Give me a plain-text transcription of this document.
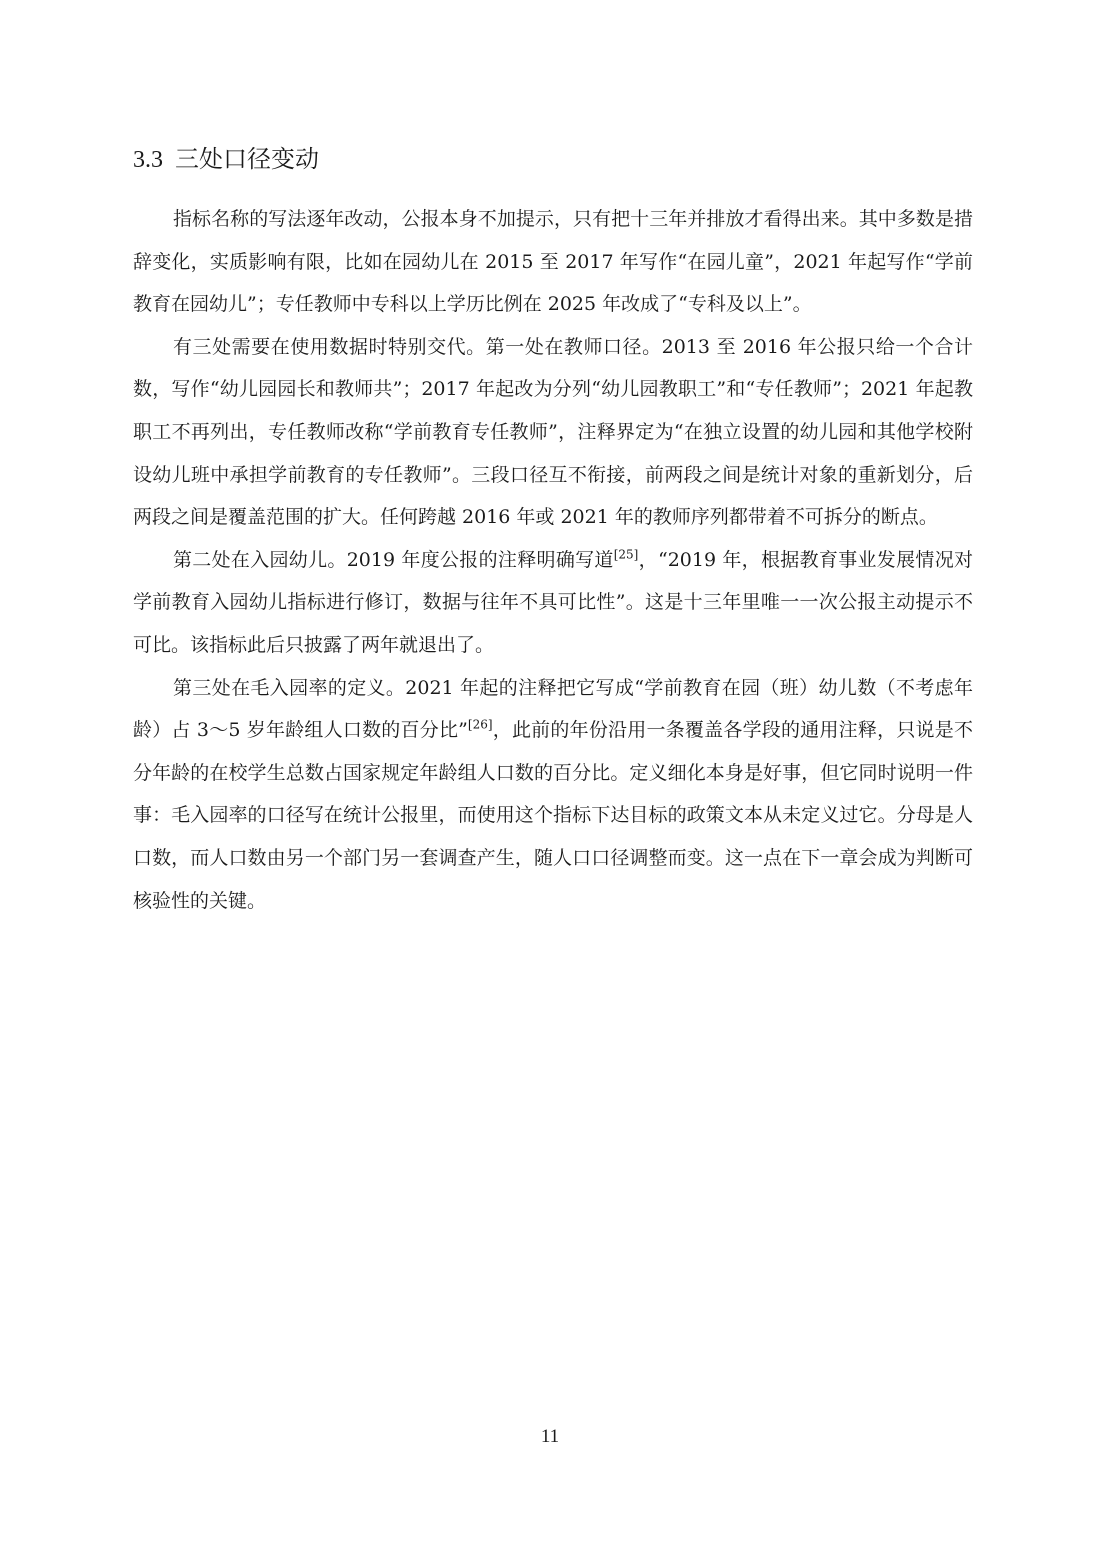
3.3 三处口径变动

指标名称的写法逐年改动，公报本身不加提示，只有把十三年并排放才看得出来。其中多数是措辞变化，实质影响有限，比如在园幼儿在 2015 至 2017 年写作“在园儿童”，2021 年起写作“学前教育在园幼儿”；专任教师中专科以上学历比例在 2025 年改成了“专科及以上”。

有三处需要在使用数据时特别交代。第一处在教师口径。2013 至 2016 年公报只给一个合计数，写作“幼儿园园长和教师共”；2017 年起改为分列“幼儿园教职工”和“专任教师”；2021 年起教职工不再列出，专任教师改称“学前教育专任教师”，注释界定为“在独立设置的幼儿园和其他学校附设幼儿班中承担学前教育的专任教师”。三段口径互不衔接，前两段之间是统计对象的重新划分，后两段之间是覆盖范围的扩大。任何跨越 2016 年或 2021 年的教师序列都带着不可拆分的断点。

第二处在入园幼儿。2019 年度公报的注释明确写道[25]，“2019 年，根据教育事业发展情况对学前教育入园幼儿指标进行修订，数据与往年不具可比性”。这是十三年里唯一一次公报主动提示不可比。该指标此后只披露了两年就退出了。

第三处在毛入园率的定义。2021 年起的注释把它写成“学前教育在园（班）幼儿数（不考虑年龄）占 3～5 岁年龄组人口数的百分比”[26]，此前的年份沿用一条覆盖各学段的通用注释，只说是不分年龄的在校学生总数占国家规定年龄组人口数的百分比。定义细化本身是好事，但它同时说明一件事：毛入园率的口径写在统计公报里，而使用这个指标下达目标的政策文本从未定义过它。分母是人口数，而人口数由另一个部门另一套调查产生，随人口口径调整而变。这一点在下一章会成为判断可核验性的关键。

11
